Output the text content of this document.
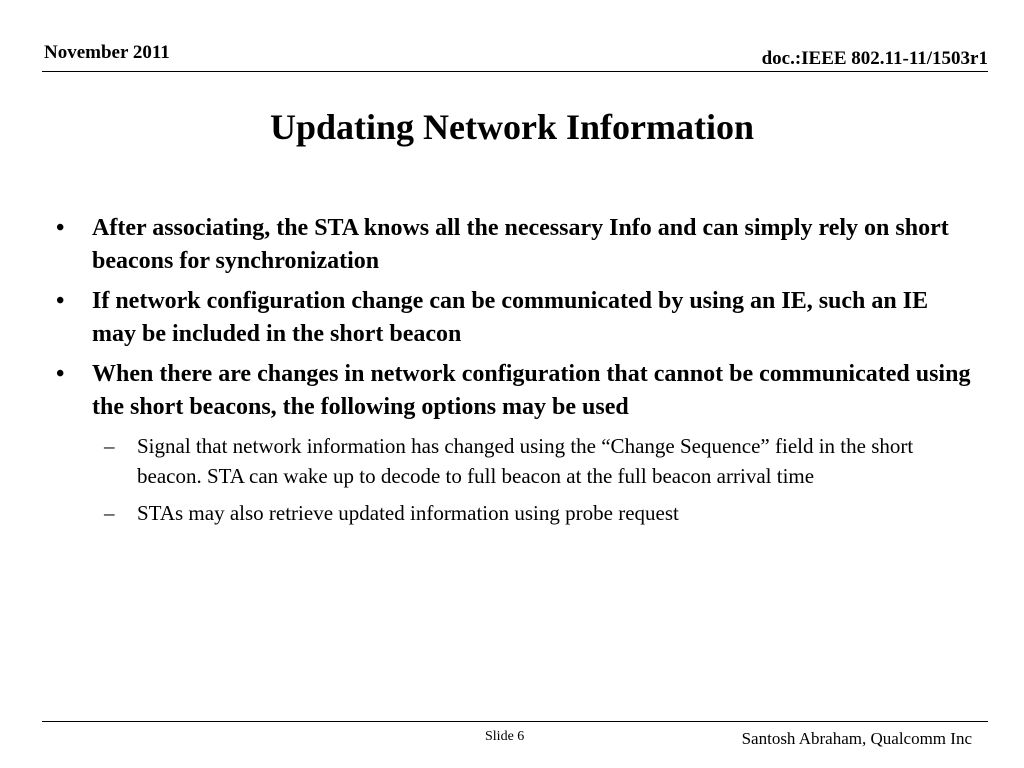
November 2011	doc.:IEEE 802.11-11/1503r1
Updating Network Information
• After associating, the STA knows all the necessary Info and can simply rely on short beacons for synchronization
• If network configuration change can be communicated by using an IE, such an IE may be included in the short beacon
• When there are changes in network configuration that cannot be communicated using the short beacons, the following options may be used
– Signal that network information has changed using the “Change Sequence” field in the short beacon. STA can wake up to decode to full beacon at the full beacon arrival time
– STAs may also retrieve updated information using probe request
Slide 6	Santosh Abraham, Qualcomm Inc
